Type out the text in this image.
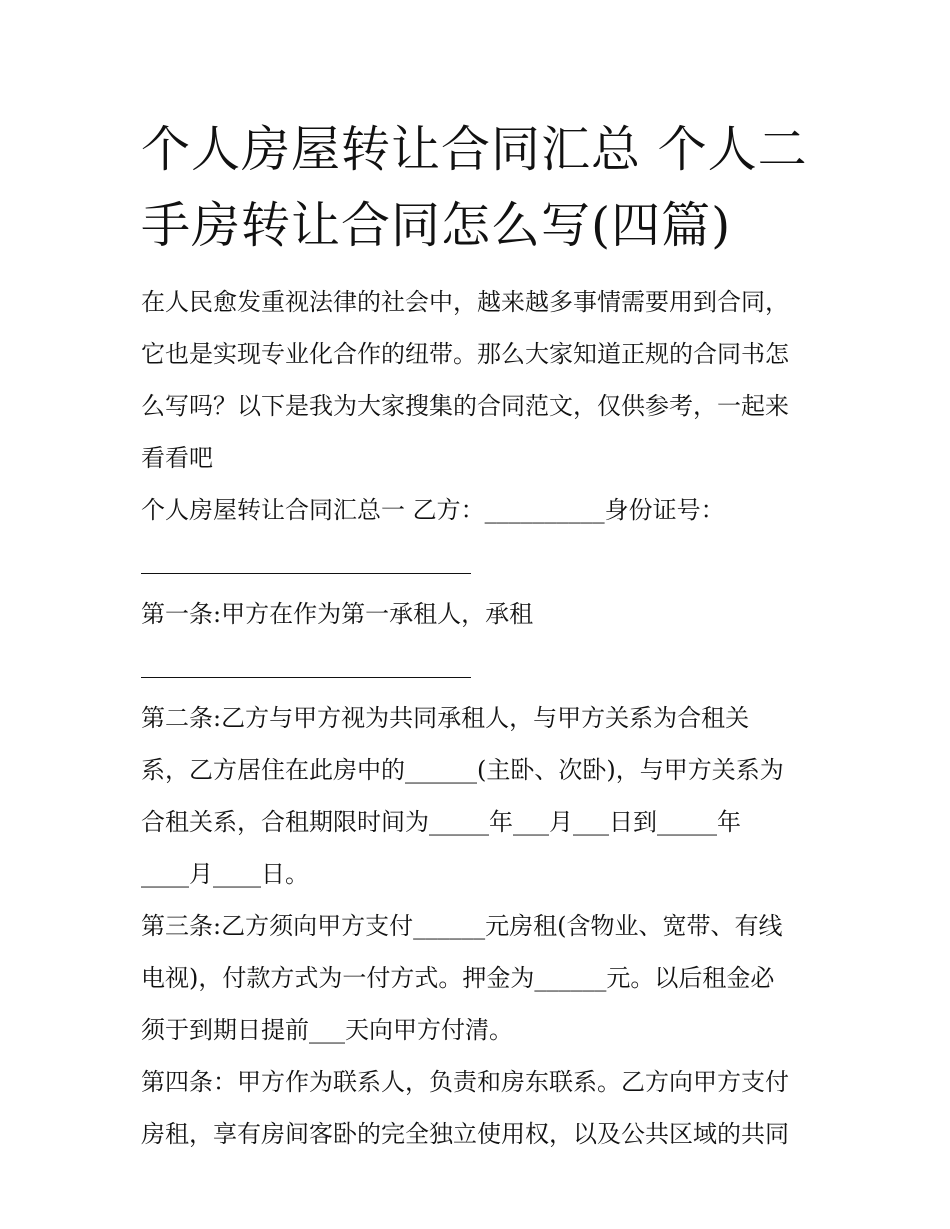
个人房屋转让合同汇总 个人二
手房转让合同怎么写(四篇)
在人民愈发重视法律的社会中，越来越多事情需要用到合同，
它也是实现专业化合作的纽带。那么大家知道正规的合同书怎
么写吗？以下是我为大家搜集的合同范文，仅供参考，一起来
看看吧
个人房屋转让合同汇总一 乙方：__________身份证号：
第一条:甲方在作为第一承租人，承租
第二条:乙方与甲方视为共同承租人，与甲方关系为合租关
系，乙方居住在此房中的______(主卧、次卧)，与甲方关系为
合租关系，合租期限时间为_____年___月___日到_____年
____月____日。
第三条:乙方须向甲方支付______元房租(含物业、宽带、有线
电视)，付款方式为一付方式。押金为______元。以后租金必
须于到期日提前___天向甲方付清。
第四条：甲方作为联系人，负责和房东联系。乙方向甲方支付
房租，享有房间客卧的完全独立使用权，以及公共区域的共同
